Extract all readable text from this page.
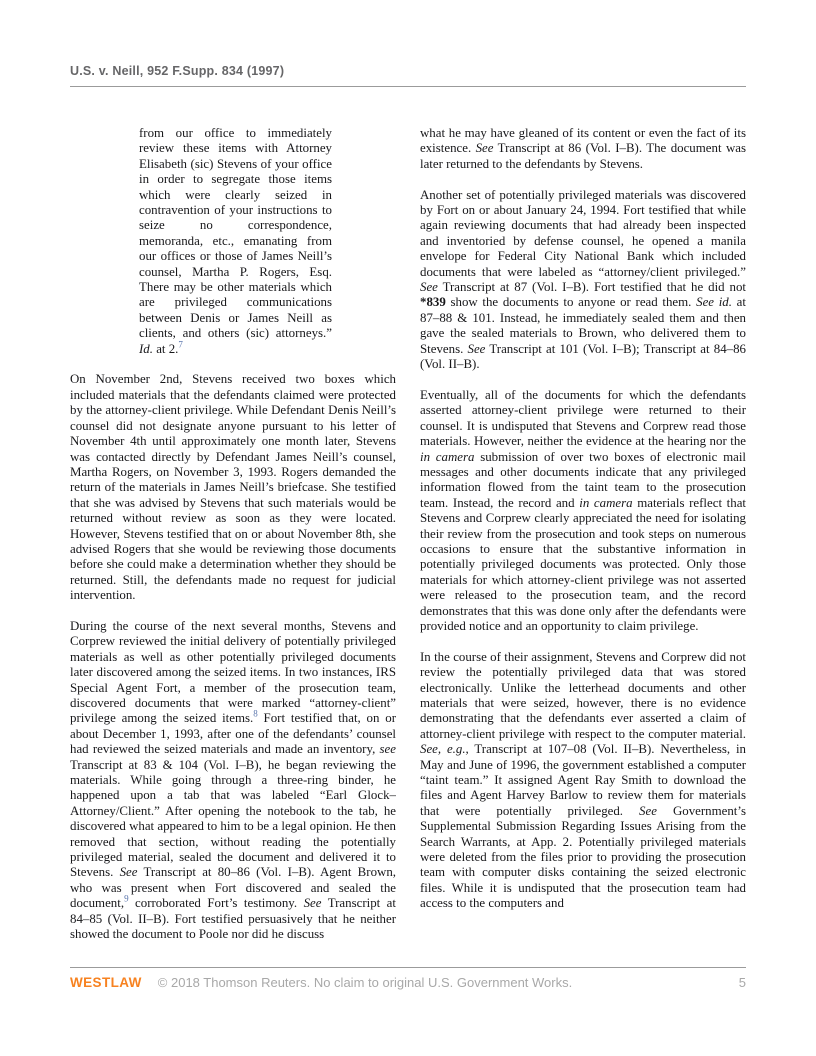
U.S. v. Neill, 952 F.Supp. 834 (1997)
from our office to immediately review these items with Attorney Elisabeth (sic) Stevens of your office in order to segregate those items which were clearly seized in contravention of your instructions to seize no correspondence, memoranda, etc., emanating from our offices or those of James Neill’s counsel, Martha P. Rogers, Esq. There may be other materials which are privileged communications between Denis or James Neill as clients, and others (sic) attorneys.” Id. at 2.$^7$
On November 2nd, Stevens received two boxes which included materials that the defendants claimed were protected by the attorney-client privilege. While Defendant Denis Neill’s counsel did not designate anyone pursuant to his letter of November 4th until approximately one month later, Stevens was contacted directly by Defendant James Neill’s counsel, Martha Rogers, on November 3, 1993. Rogers demanded the return of the materials in James Neill’s briefcase. She testified that she was advised by Stevens that such materials would be returned without review as soon as they were located. However, Stevens testified that on or about November 8th, she advised Rogers that she would be reviewing those documents before she could make a determination whether they should be returned. Still, the defendants made no request for judicial intervention.
During the course of the next several months, Stevens and Corprew reviewed the initial delivery of potentially privileged materials as well as other potentially privileged documents later discovered among the seized items. In two instances, IRS Special Agent Fort, a member of the prosecution team, discovered documents that were marked “attorney-client” privilege among the seized items.$^8$ Fort testified that, on or about December 1, 1993, after one of the defendants’ counsel had reviewed the seized materials and made an inventory, see Transcript at 83 & 104 (Vol. I–B), he began reviewing the materials. While going through a three-ring binder, he happened upon a tab that was labeled “Earl Glock–Attorney/Client.” After opening the notebook to the tab, he discovered what appeared to him to be a legal opinion. He then removed that section, without reading the potentially privileged material, sealed the document and delivered it to Stevens. See Transcript at 80–86 (Vol. I–B). Agent Brown, who was present when Fort discovered and sealed the document,$^9$ corroborated Fort’s testimony. See Transcript at 84–85 (Vol. II–B). Fort testified persuasively that he neither showed the document to Poole nor did he discuss
what he may have gleaned of its content or even the fact of its existence. See Transcript at 86 (Vol. I–B). The document was later returned to the defendants by Stevens.
Another set of potentially privileged materials was discovered by Fort on or about January 24, 1994. Fort testified that while again reviewing documents that had already been inspected and inventoried by defense counsel, he opened a manila envelope for Federal City National Bank which included documents that were labeled as “attorney/client privileged.” See Transcript at 87 (Vol. I–B). Fort testified that he did not *839 show the documents to anyone or read them. See id. at 87–88 & 101. Instead, he immediately sealed them and then gave the sealed materials to Brown, who delivered them to Stevens. See Transcript at 101 (Vol. I–B); Transcript at 84–86 (Vol. II–B).
Eventually, all of the documents for which the defendants asserted attorney-client privilege were returned to their counsel. It is undisputed that Stevens and Corprew read those materials. However, neither the evidence at the hearing nor the in camera submission of over two boxes of electronic mail messages and other documents indicate that any privileged information flowed from the taint team to the prosecution team. Instead, the record and in camera materials reflect that Stevens and Corprew clearly appreciated the need for isolating their review from the prosecution and took steps on numerous occasions to ensure that the substantive information in potentially privileged documents was protected. Only those materials for which attorney-client privilege was not asserted were released to the prosecution team, and the record demonstrates that this was done only after the defendants were provided notice and an opportunity to claim privilege.
In the course of their assignment, Stevens and Corprew did not review the potentially privileged data that was stored electronically. Unlike the letterhead documents and other materials that were seized, however, there is no evidence demonstrating that the defendants ever asserted a claim of attorney-client privilege with respect to the computer material. See, e.g., Transcript at 107–08 (Vol. II–B). Nevertheless, in May and June of 1996, the government established a computer “taint team.” It assigned Agent Ray Smith to download the files and Agent Harvey Barlow to review them for materials that were potentially privileged. See Government’s Supplemental Submission Regarding Issues Arising from the Search Warrants, at App. 2. Potentially privileged materials were deleted from the files prior to providing the prosecution team with computer disks containing the seized electronic files. While it is undisputed that the prosecution team had access to the computers and
WESTLAW © 2018 Thomson Reuters. No claim to original U.S. Government Works.	5
